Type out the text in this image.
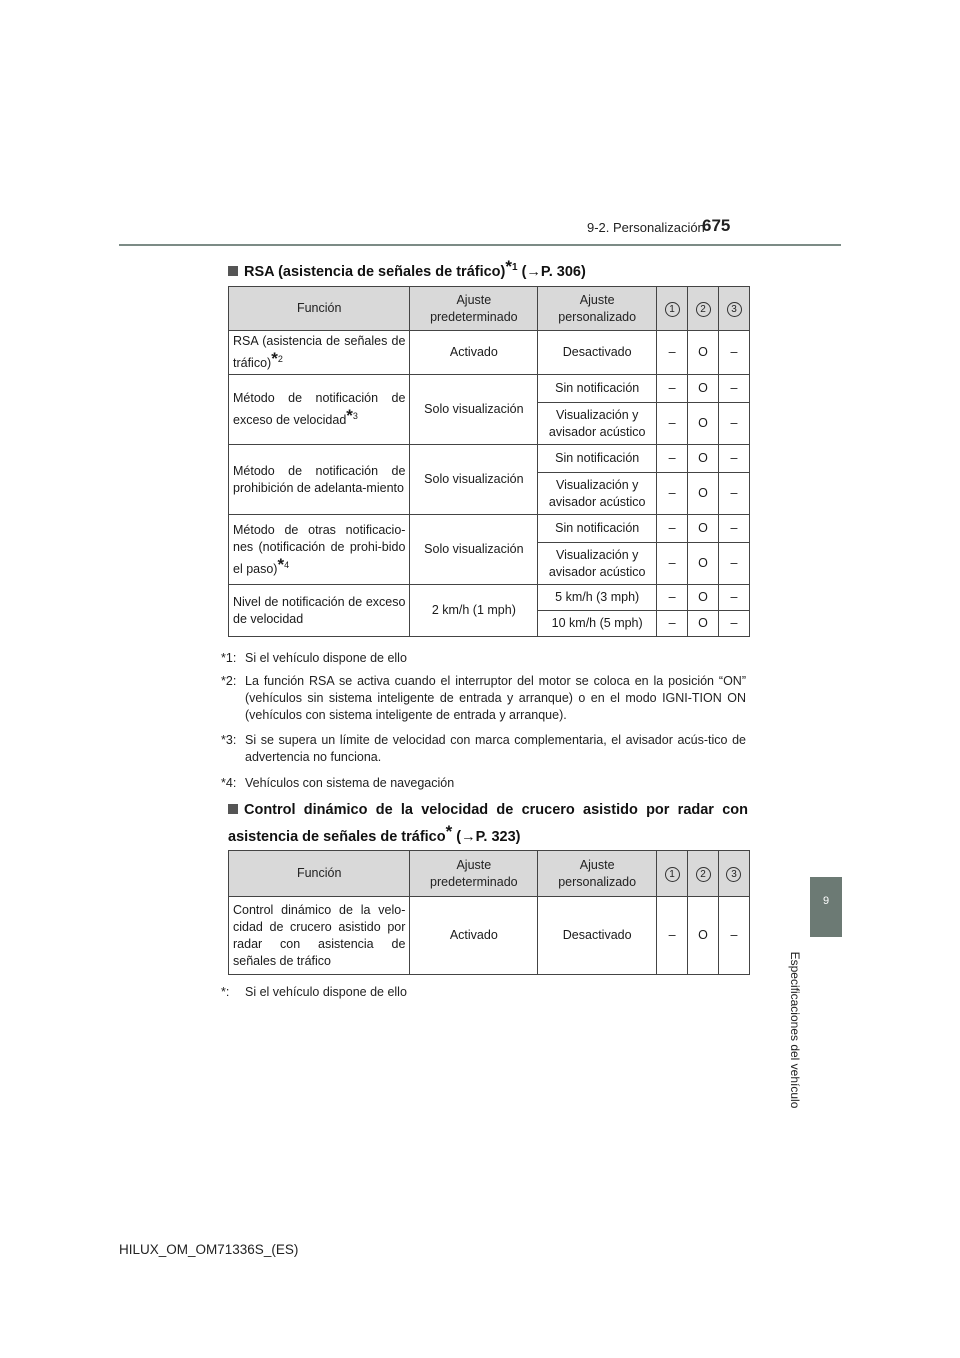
9-2. Personalización
675
9
Especificaciones del vehículo
RSA (asistencia de señales de tráfico)$^{*1}$ (→P. 306)
Función	Ajuste predeterminado	Ajuste personalizado	1	2	3
RSA (asistencia de señales de tráfico)$^{*2}$	Activado	Desactivado	–	O	–
Método de notificación de exceso de velocidad$^{*3}$	Solo visualización	Sin notificación	–	O	–
		Visualización y avisador acústico	–	O	–
Método de notificación de prohibición de adelanta-miento	Solo visualización	Sin notificación	–	O	–
		Visualización y avisador acústico	–	O	–
Método de otras notificacio-nes (notificación de prohi-bido el paso)$^{*4}$	Solo visualización	Sin notificación	–	O	–
		Visualización y avisador acústico	–	O	–
Nivel de notificación de exceso de velocidad	2 km/h (1 mph)	5 km/h (3 mph)	–	O	–
		10 km/h (5 mph)	–	O	–
*1: Si el vehículo dispone de ello
*2: La función RSA se activa cuando el interruptor del motor se coloca en la posición “ON” (vehículos sin sistema inteligente de entrada y arranque) o en el modo IGNI-TION ON (vehículos con sistema inteligente de entrada y arranque).
*3: Si se supera un límite de velocidad con marca complementaria, el avisador acús-tico de advertencia no funciona.
*4: Vehículos con sistema de navegación
Control dinámico de la velocidad de crucero asistido por radar con asistencia de señales de tráfico* (→P. 323)
Función	Ajuste predeterminado	Ajuste personalizado	1	2	3
Control dinámico de la velo-cidad de crucero asistido por radar con asistencia de señales de tráfico	Activado	Desactivado	–	O	–
*: Si el vehículo dispone de ello
HILUX_OM_OM71336S_(ES)
